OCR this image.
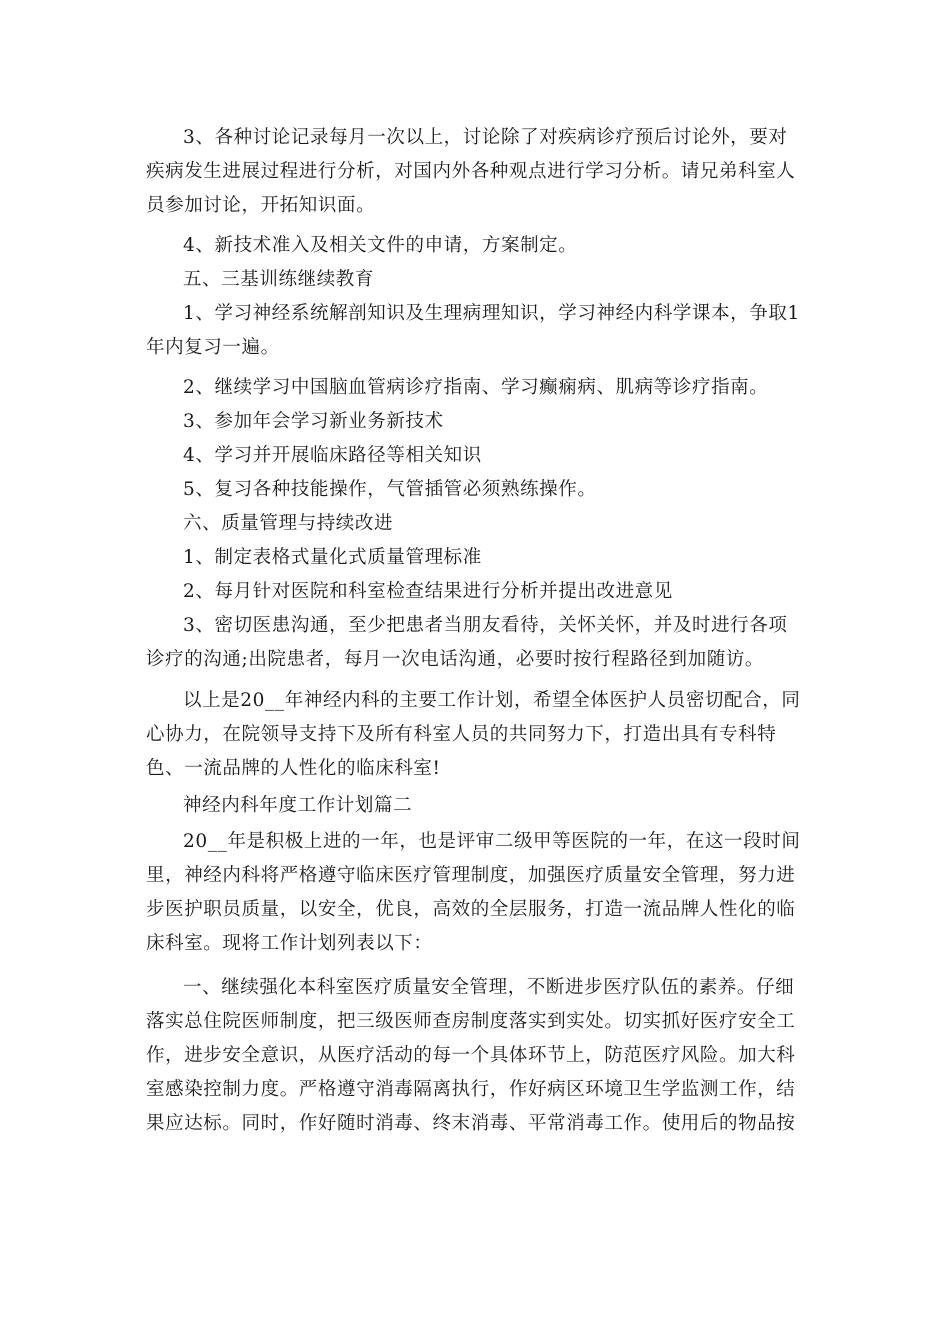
3、各种讨论记录每月一次以上，讨论除了对疾病诊疗预后讨论外，要对疾病发生进展过程进行分析，对国内外各种观点进行学习分析。请兄弟科室人员参加讨论，开拓知识面。

4、新技术准入及相关文件的申请，方案制定。

五、三基训练继续教育

1、学习神经系统解剖知识及生理病理知识，学习神经内科学课本，争取1年内复习一遍。

2、继续学习中国脑血管病诊疗指南、学习癫痫病、肌病等诊疗指南。

3、参加年会学习新业务新技术

4、学习并开展临床路径等相关知识

5、复习各种技能操作，气管插管必须熟练操作。

六、质量管理与持续改进

1、制定表格式量化式质量管理标准

2、每月针对医院和科室检查结果进行分析并提出改进意见

3、密切医患沟通，至少把患者当朋友看待，关怀关怀，并及时进行各项诊疗的沟通;出院患者，每月一次电话沟通，必要时按行程路径到加随访。

以上是20__年神经内科的主要工作计划，希望全体医护人员密切配合，同心协力，在院领导支持下及所有科室人员的共同努力下，打造出具有专科特色、一流品牌的人性化的临床科室!

神经内科年度工作计划篇二

20__年是积极上进的一年，也是评审二级甲等医院的一年，在这一段时间里，神经内科将严格遵守临床医疗管理制度，加强医疗质量安全管理，努力进步医护职员质量，以安全，优良，高效的全层服务，打造一流品牌人性化的临床科室。现将工作计划列表以下：

一、继续强化本科室医疗质量安全管理，不断进步医疗队伍的素养。仔细落实总住院医师制度，把三级医师查房制度落实到实处。切实抓好医疗安全工作，进步安全意识，从医疗活动的每一个具体环节上，防范医疗风险。加大科室感染控制力度。严格遵守消毒隔离执行，作好病区环境卫生学监测工作，结果应达标。同时，作好随时消毒、终末消毒、平常消毒工作。使用后的物品按
